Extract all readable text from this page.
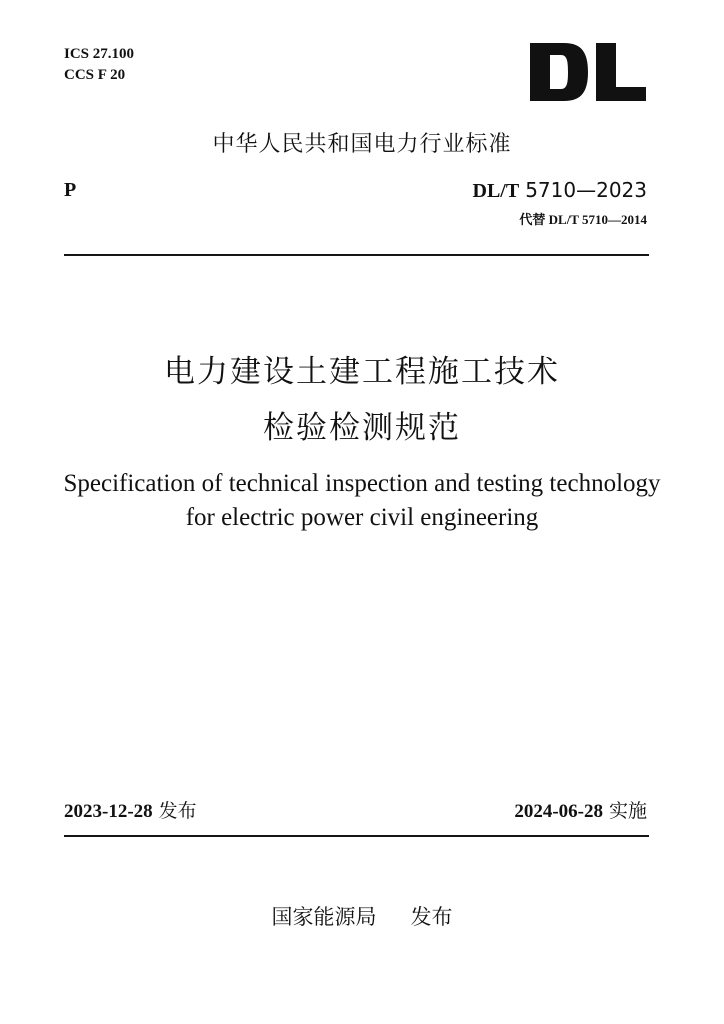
ICS 27.100
CCS F 20
中华人民共和国电力行业标准
P	DL/T 5710—2023
代替 DL/T 5710—2014
电力建设土建工程施工技术
检验检测规范
Specification of technical inspection and testing technology
for electric power civil engineering
2023-12-28 发布	2024-06-28 实施
国家能源局 发布
